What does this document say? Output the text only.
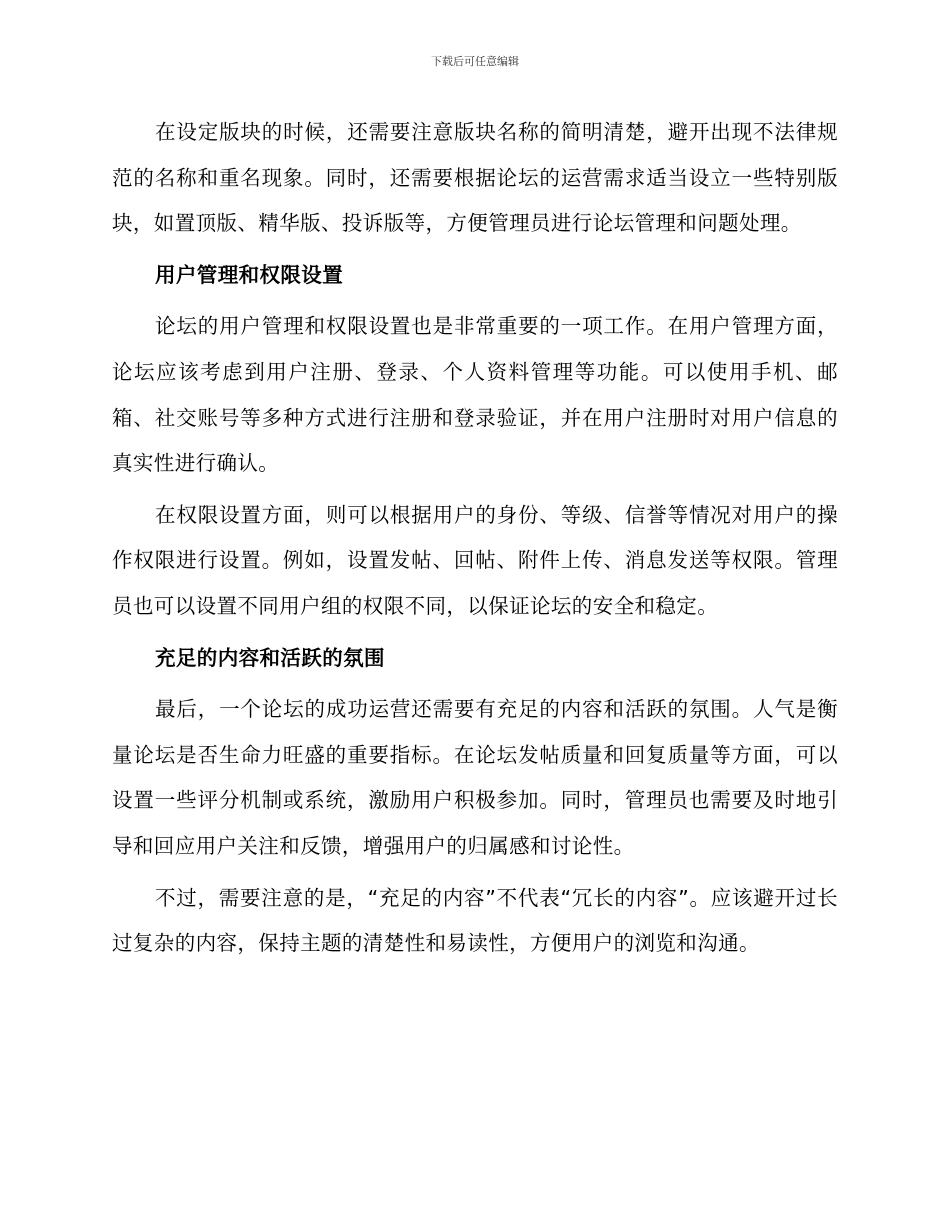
下载后可任意编辑

在设定版块的时候，还需要注意版块名称的简明清楚，避开出现不法律规范的名称和重名现象。同时，还需要根据论坛的运营需求适当设立一些特别版块，如置顶版、精华版、投诉版等，方便管理员进行论坛管理和问题处理。

用户管理和权限设置

论坛的用户管理和权限设置也是非常重要的一项工作。在用户管理方面，论坛应该考虑到用户注册、登录、个人资料管理等功能。可以使用手机、邮箱、社交账号等多种方式进行注册和登录验证，并在用户注册时对用户信息的真实性进行确认。

在权限设置方面，则可以根据用户的身份、等级、信誉等情况对用户的操作权限进行设置。例如，设置发帖、回帖、附件上传、消息发送等权限。管理员也可以设置不同用户组的权限不同，以保证论坛的安全和稳定。

充足的内容和活跃的氛围

最后，一个论坛的成功运营还需要有充足的内容和活跃的氛围。人气是衡量论坛是否生命力旺盛的重要指标。在论坛发帖质量和回复质量等方面，可以设置一些评分机制或系统，激励用户积极参加。同时，管理员也需要及时地引导和回应用户关注和反馈，增强用户的归属感和讨论性。

不过，需要注意的是，“充足的内容”不代表“冗长的内容”。应该避开过长过复杂的内容，保持主题的清楚性和易读性，方便用户的浏览和沟通。
